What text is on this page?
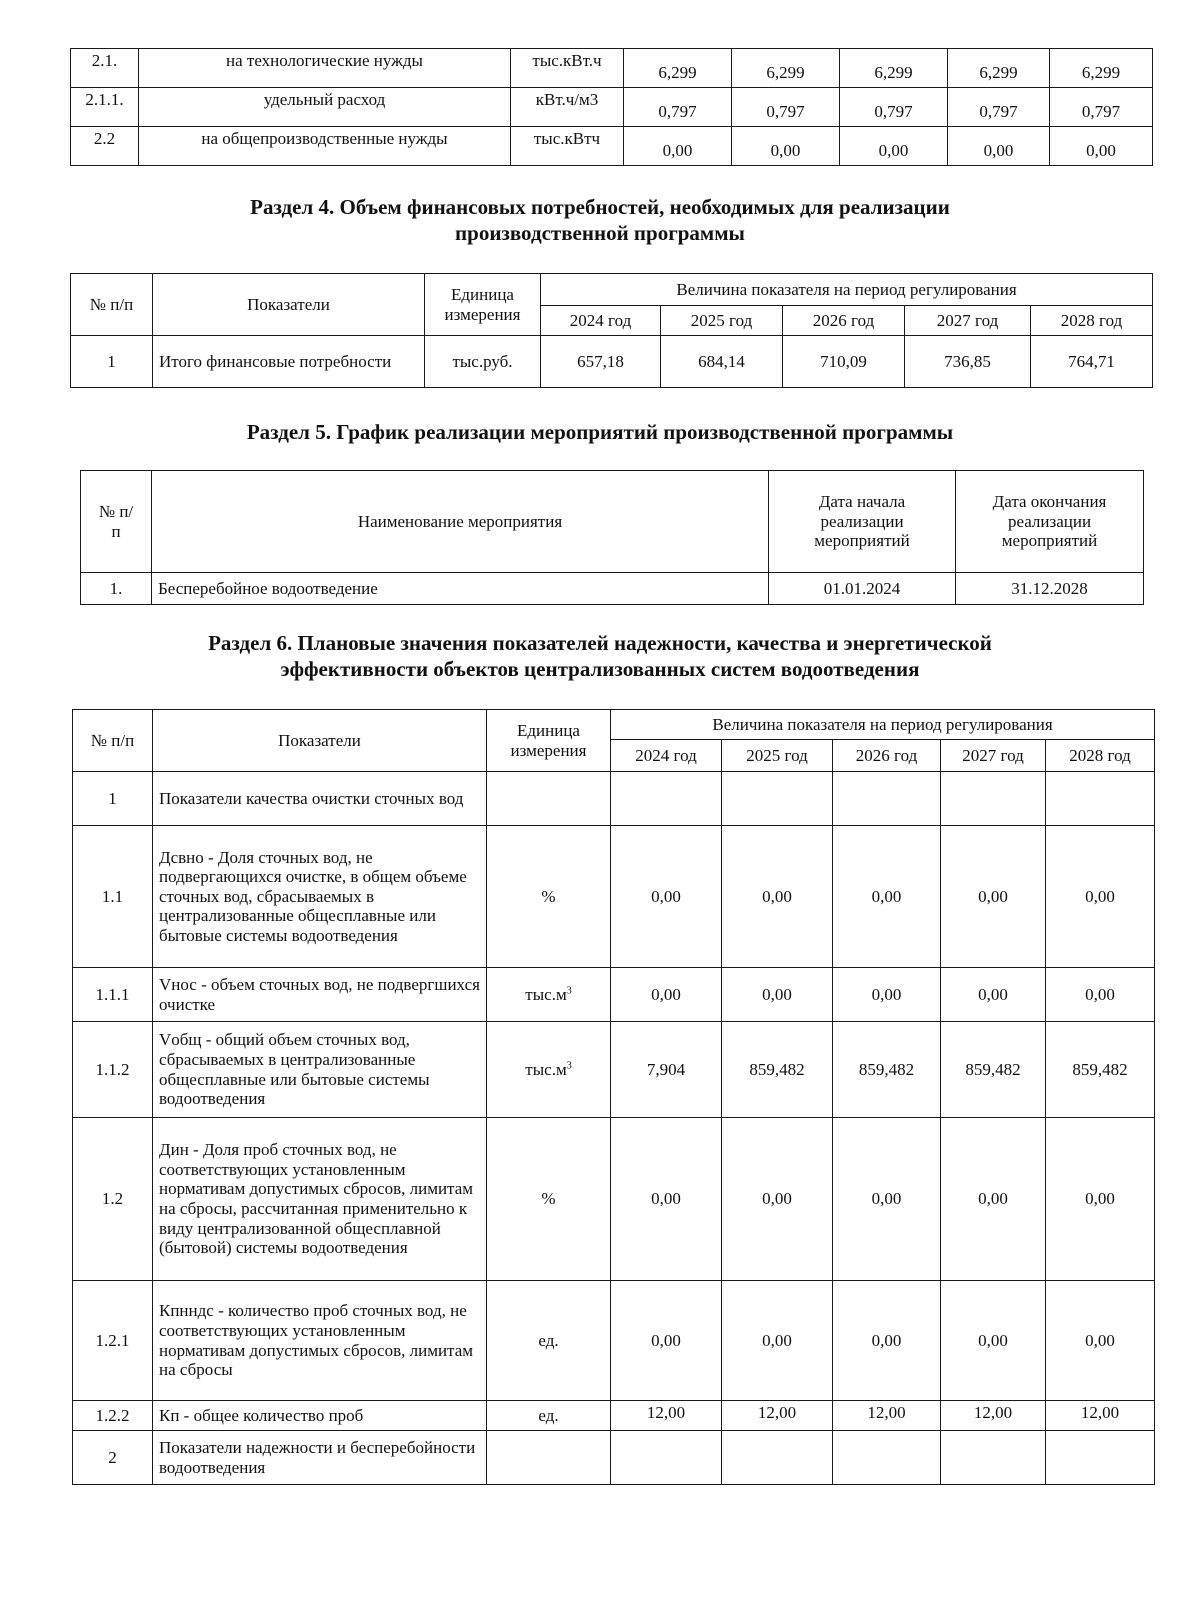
2.1.	на технологические нужды	тыс.кВт.ч	6,299	6,299	6,299	6,299	6,299
2.1.1.	удельный расход	кВт.ч/м3	0,797	0,797	0,797	0,797	0,797
2.2	на общепроизводственные нужды	тыс.кВтч	0,00	0,00	0,00	0,00	0,00
Раздел 4. Объем финансовых потребностей, необходимых для реализации
производственной программы
№ п/п	Показатели	Единица измерения	Величина показателя на период регулирования				
			2024 год	2025 год	2026 год	2027 год	2028 год
1	Итого финансовые потребности	тыс.руб.	657,18	684,14	710,09	736,85	764,71
Раздел 5. График реализации мероприятий производственной программы
№ п/п	Наименование мероприятия	Дата начала реализации мероприятий	Дата окончания реализации мероприятий
1.	Бесперебойное водоотведение	01.01.2024	31.12.2028
Раздел 6. Плановые значения показателей надежности, качества и энергетической
эффективности объектов централизованных систем водоотведения
№ п/п	Показатели	Единица измерения	Величина показателя на период регулирования				
			2024 год	2025 год	2026 год	2027 год	2028 год
1	Показатели качества очистки сточных вод						
1.1	Дсвно - Доля сточных вод, не подвергающихся очистке, в общем объеме сточных вод, сбрасываемых в централизованные общесплавные или бытовые системы водоотведения	%	0,00	0,00	0,00	0,00	0,00
1.1.1	Vнос - объем сточных вод, не подвергшихся очистке	$тыс.м^3$	0,00	0,00	0,00	0,00	0,00
1.1.2	Vобщ - общий объем сточных вод, сбрасываемых в централизованные общесплавные или бытовые системы водоотведения	$тыс.м^3$	7,904	859,482	859,482	859,482	859,482
1.2	Дин - Доля проб сточных вод, не соответствующих установленным нормативам допустимых сбросов, лимитам на сбросы, рассчитанная применительно к виду централизованной общесплавной (бытовой) системы водоотведения	%	0,00	0,00	0,00	0,00	0,00
1.2.1	Кпнндс - количество проб сточных вод, не соответствующих установленным нормативам допустимых сбросов, лимитам на сбросы	ед.	0,00	0,00	0,00	0,00	0,00
1.2.2	Кп - общее количество проб	ед.	12,00	12,00	12,00	12,00	12,00
2	Показатели надежности и бесперебойности водоотведения						
